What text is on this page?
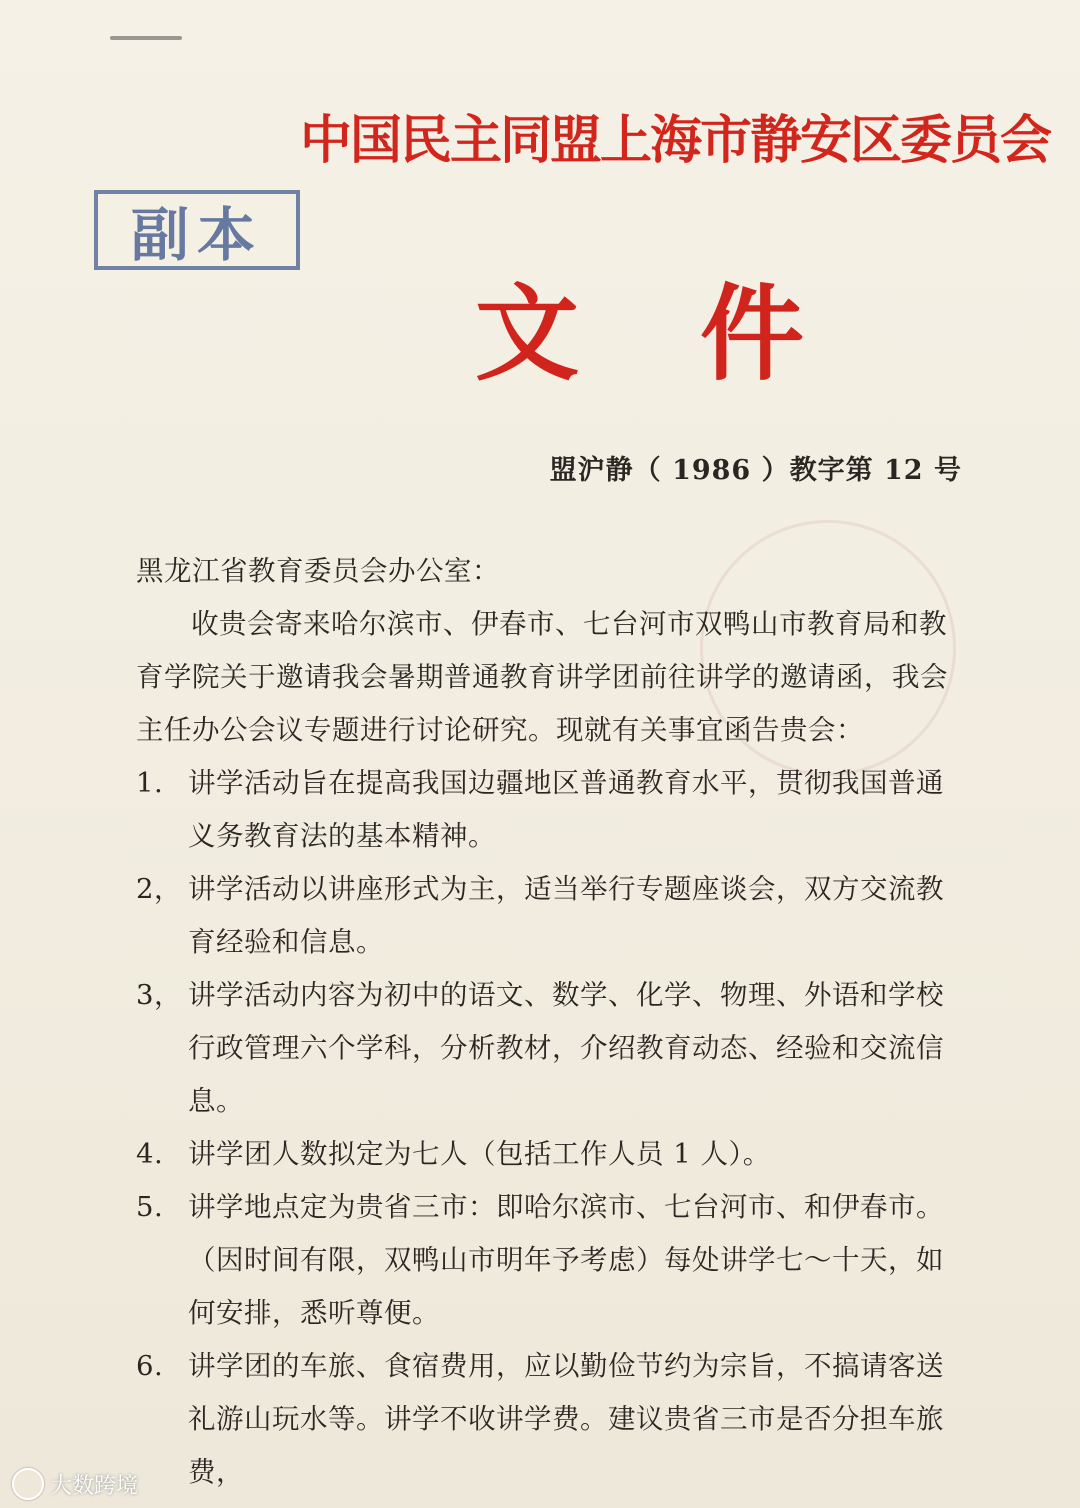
中国民主同盟上海市静安区委员会
副本
文 件
盟沪静（ 1986 ）教字第 12 号

黑龙江省教育委员会办公室：

收贵会寄来哈尔滨市、伊春市、七台河市双鸭山市教育局和教育学院关于邀请我会暑期普通教育讲学团前往讲学的邀请函，我会主任办公会议专题进行讨论研究。现就有关事宜函告贵会：

1. 讲学活动旨在提高我国边疆地区普通教育水平，贯彻我国普通义务教育法的基本精神。
2， 讲学活动以讲座形式为主，适当举行专题座谈会，双方交流教育经验和信息。
3， 讲学活动内容为初中的语文、数学、化学、物理、外语和学校行政管理六个学科，分析教材，介绍教育动态、经验和交流信息。
4. 讲学团人数拟定为七人（包括工作人员 1 人）。
5. 讲学地点定为贵省三市：即哈尔滨市、七台河市、和伊春市。（因时间有限，双鸭山市明年予考虑）每处讲学七～十天，如何安排，悉听尊便。
6. 讲学团的车旅、食宿费用，应以勤俭节约为宗旨，不搞请客送礼游山玩水等。讲学不收讲学费。建议贵省三市是否分担车旅费，
大数跨境
